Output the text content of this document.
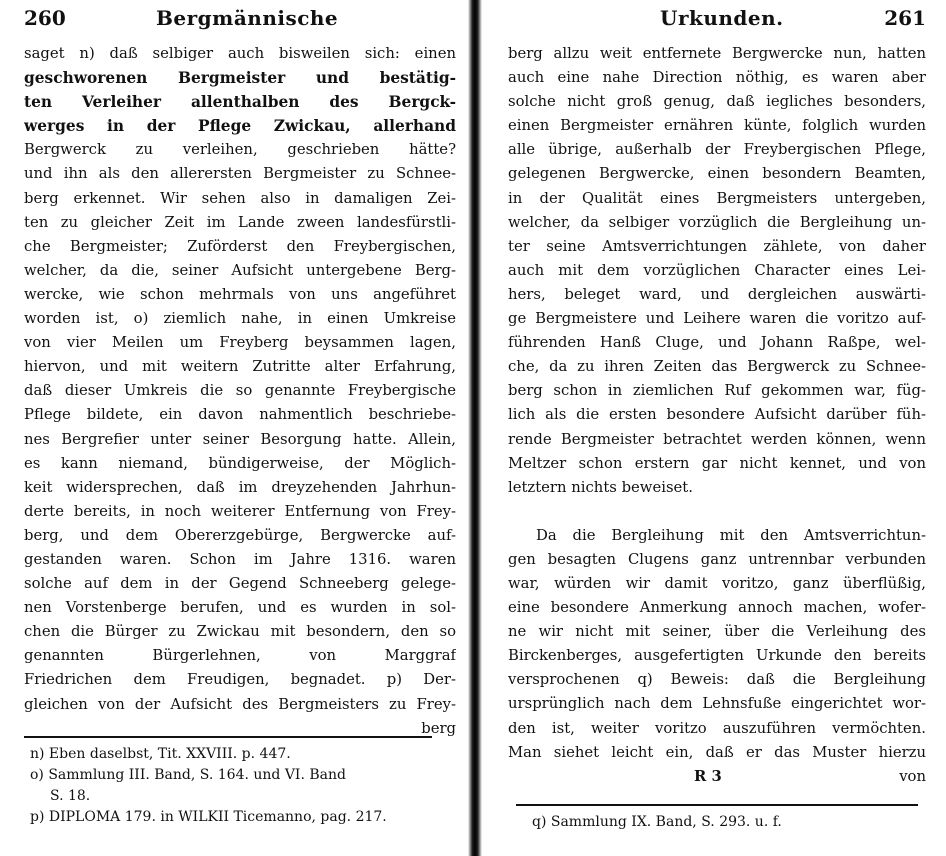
260	Bergmännische
saget n) daß selbiger auch bisweilen sich: einen
geschworenen Bergmeister und bestätig-
ten Verleiher allenthalben des Bergck-
werges in der Pflege Zwickau, allerhand
Bergwerck zu verleihen, geschrieben hätte?
und ihn als den allerersten Bergmeister zu Schnee-
berg erkennet. Wir sehen also in damaligen Zei-
ten zu gleicher Zeit im Lande zween landesfürstli-
che Bergmeister; Zuförderst den Freybergischen,
welcher, da die, seiner Aufsicht untergebene Berg-
wercke, wie schon mehrmals von uns angeführet
worden ist, o) ziemlich nahe, in einen Umkreise
von vier Meilen um Freyberg beysammen lagen,
hiervon, und mit weitern Zutritte alter Erfahrung,
daß dieser Umkreis die so genannte Freybergische
Pflege bildete, ein davon nahmentlich beschriebe-
nes Bergrefier unter seiner Besorgung hatte. Allein,
es kann niemand, bündigerweise, der Möglich-
keit widersprechen, daß im dreyzehenden Jahrhun-
derte bereits, in noch weiterer Entfernung von Frey-
berg, und dem Obererzgebürge, Bergwercke auf-
gestanden waren. Schon im Jahre 1316. waren
solche auf dem in der Gegend Schneeberg gelege-
nen Vorstenberge berufen, und es wurden in sol-
chen die Bürger zu Zwickau mit besondern, den so
genannten Bürgerlehnen, von Marggraf
Friedrichen dem Freudigen, begnadet. p) Der-
gleichen von der Aufsicht des Bergmeisters zu Frey-
berg
n) Eben daselbst, Tit. XXVIII. p. 447.
o) Sammlung III. Band, S. 164. und VI. Band
S. 18.
p) DIPLOMA 179. in WILKII Ticemanno, pag. 217.
Urkunden.	261
berg allzu weit entfernete Bergwercke nun, hatten
auch eine nahe Direction nöthig, es waren aber
solche nicht groß genug, daß iegliches besonders,
einen Bergmeister ernähren künte, folglich wurden
alle übrige, außerhalb der Freybergischen Pflege,
gelegenen Bergwercke, einen besondern Beamten,
in der Qualität eines Bergmeisters untergeben,
welcher, da selbiger vorzüglich die Bergleihung un-
ter seine Amtsverrichtungen zählete, von daher
auch mit dem vorzüglichen Character eines Lei-
hers, beleget ward, und dergleichen auswärti-
ge Bergmeistere und Leihere waren die voritzo auf-
führenden Hanß Cluge, und Johann Raßpe, wel-
che, da zu ihren Zeiten das Bergwerck zu Schnee-
berg schon in ziemlichen Ruf gekommen war, füg-
lich als die ersten besondere Aufsicht darüber füh-
rende Bergmeister betrachtet werden können, wenn
Meltzer schon erstern gar nicht kennet, und von
letztern nichts beweiset.
Da die Bergleihung mit den Amtsverrichtun-
gen besagten Clugens ganz untrennbar verbunden
war, würden wir damit voritzo, ganz überflüßig,
eine besondere Anmerkung annoch machen, wofer-
ne wir nicht mit seiner, über die Verleihung des
Birckenberges, ausgefertigten Urkunde den bereits
versprochenen q) Beweis: daß die Bergleihung
ursprünglich nach dem Lehnsfuße eingerichtet wor-
den ist, weiter voritzo auszuführen vermöchten.
Man siehet leicht ein, daß er das Muster hierzu
R 3	von
q) Sammlung IX. Band, S. 293. u. f.
